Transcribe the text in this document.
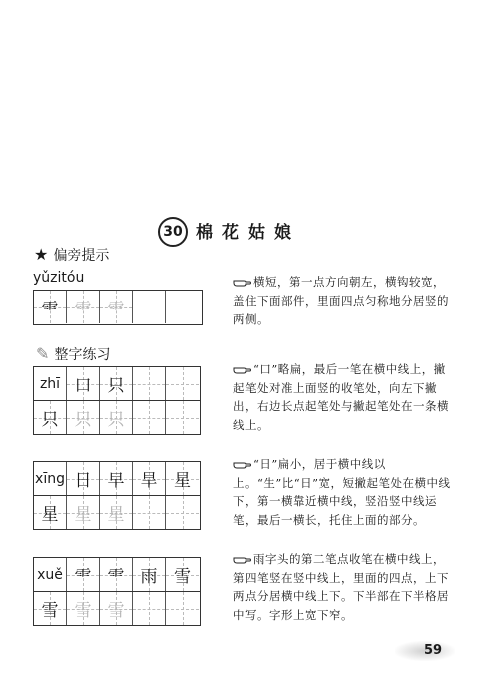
30 棉花姑娘
★ 偏旁提示
yǔzitóu
⻗ ⻗ ⻗
横短，第一点方向朝左，横钩较宽，盖住下面部件，里面四点匀称地分居竖的两侧。
✎ 整字练习
zhī 口 只
只 只 只
“口”略扁，最后一笔在横中线上，撇起笔处对准上面竖的收笔处，向左下撇出，右边长点起笔处与撇起笔处在一条横线上。
xīng 日 早 旱 星
星 星 星
“日”扁小，居于横中线以上。“生”比“日”宽，短撇起笔处在横中线下，第一横靠近横中线，竖沿竖中线运笔，最后一横长，托住上面的部分。
xuě ⻗ ⻗ 雨 雪
雪 雪 雪
雨字头的第二笔点收笔在横中线上，第四笔竖在竖中线上，里面的四点，上下两点分居横中线上下。下半部在下半格居中写。字形上宽下窄。
59
